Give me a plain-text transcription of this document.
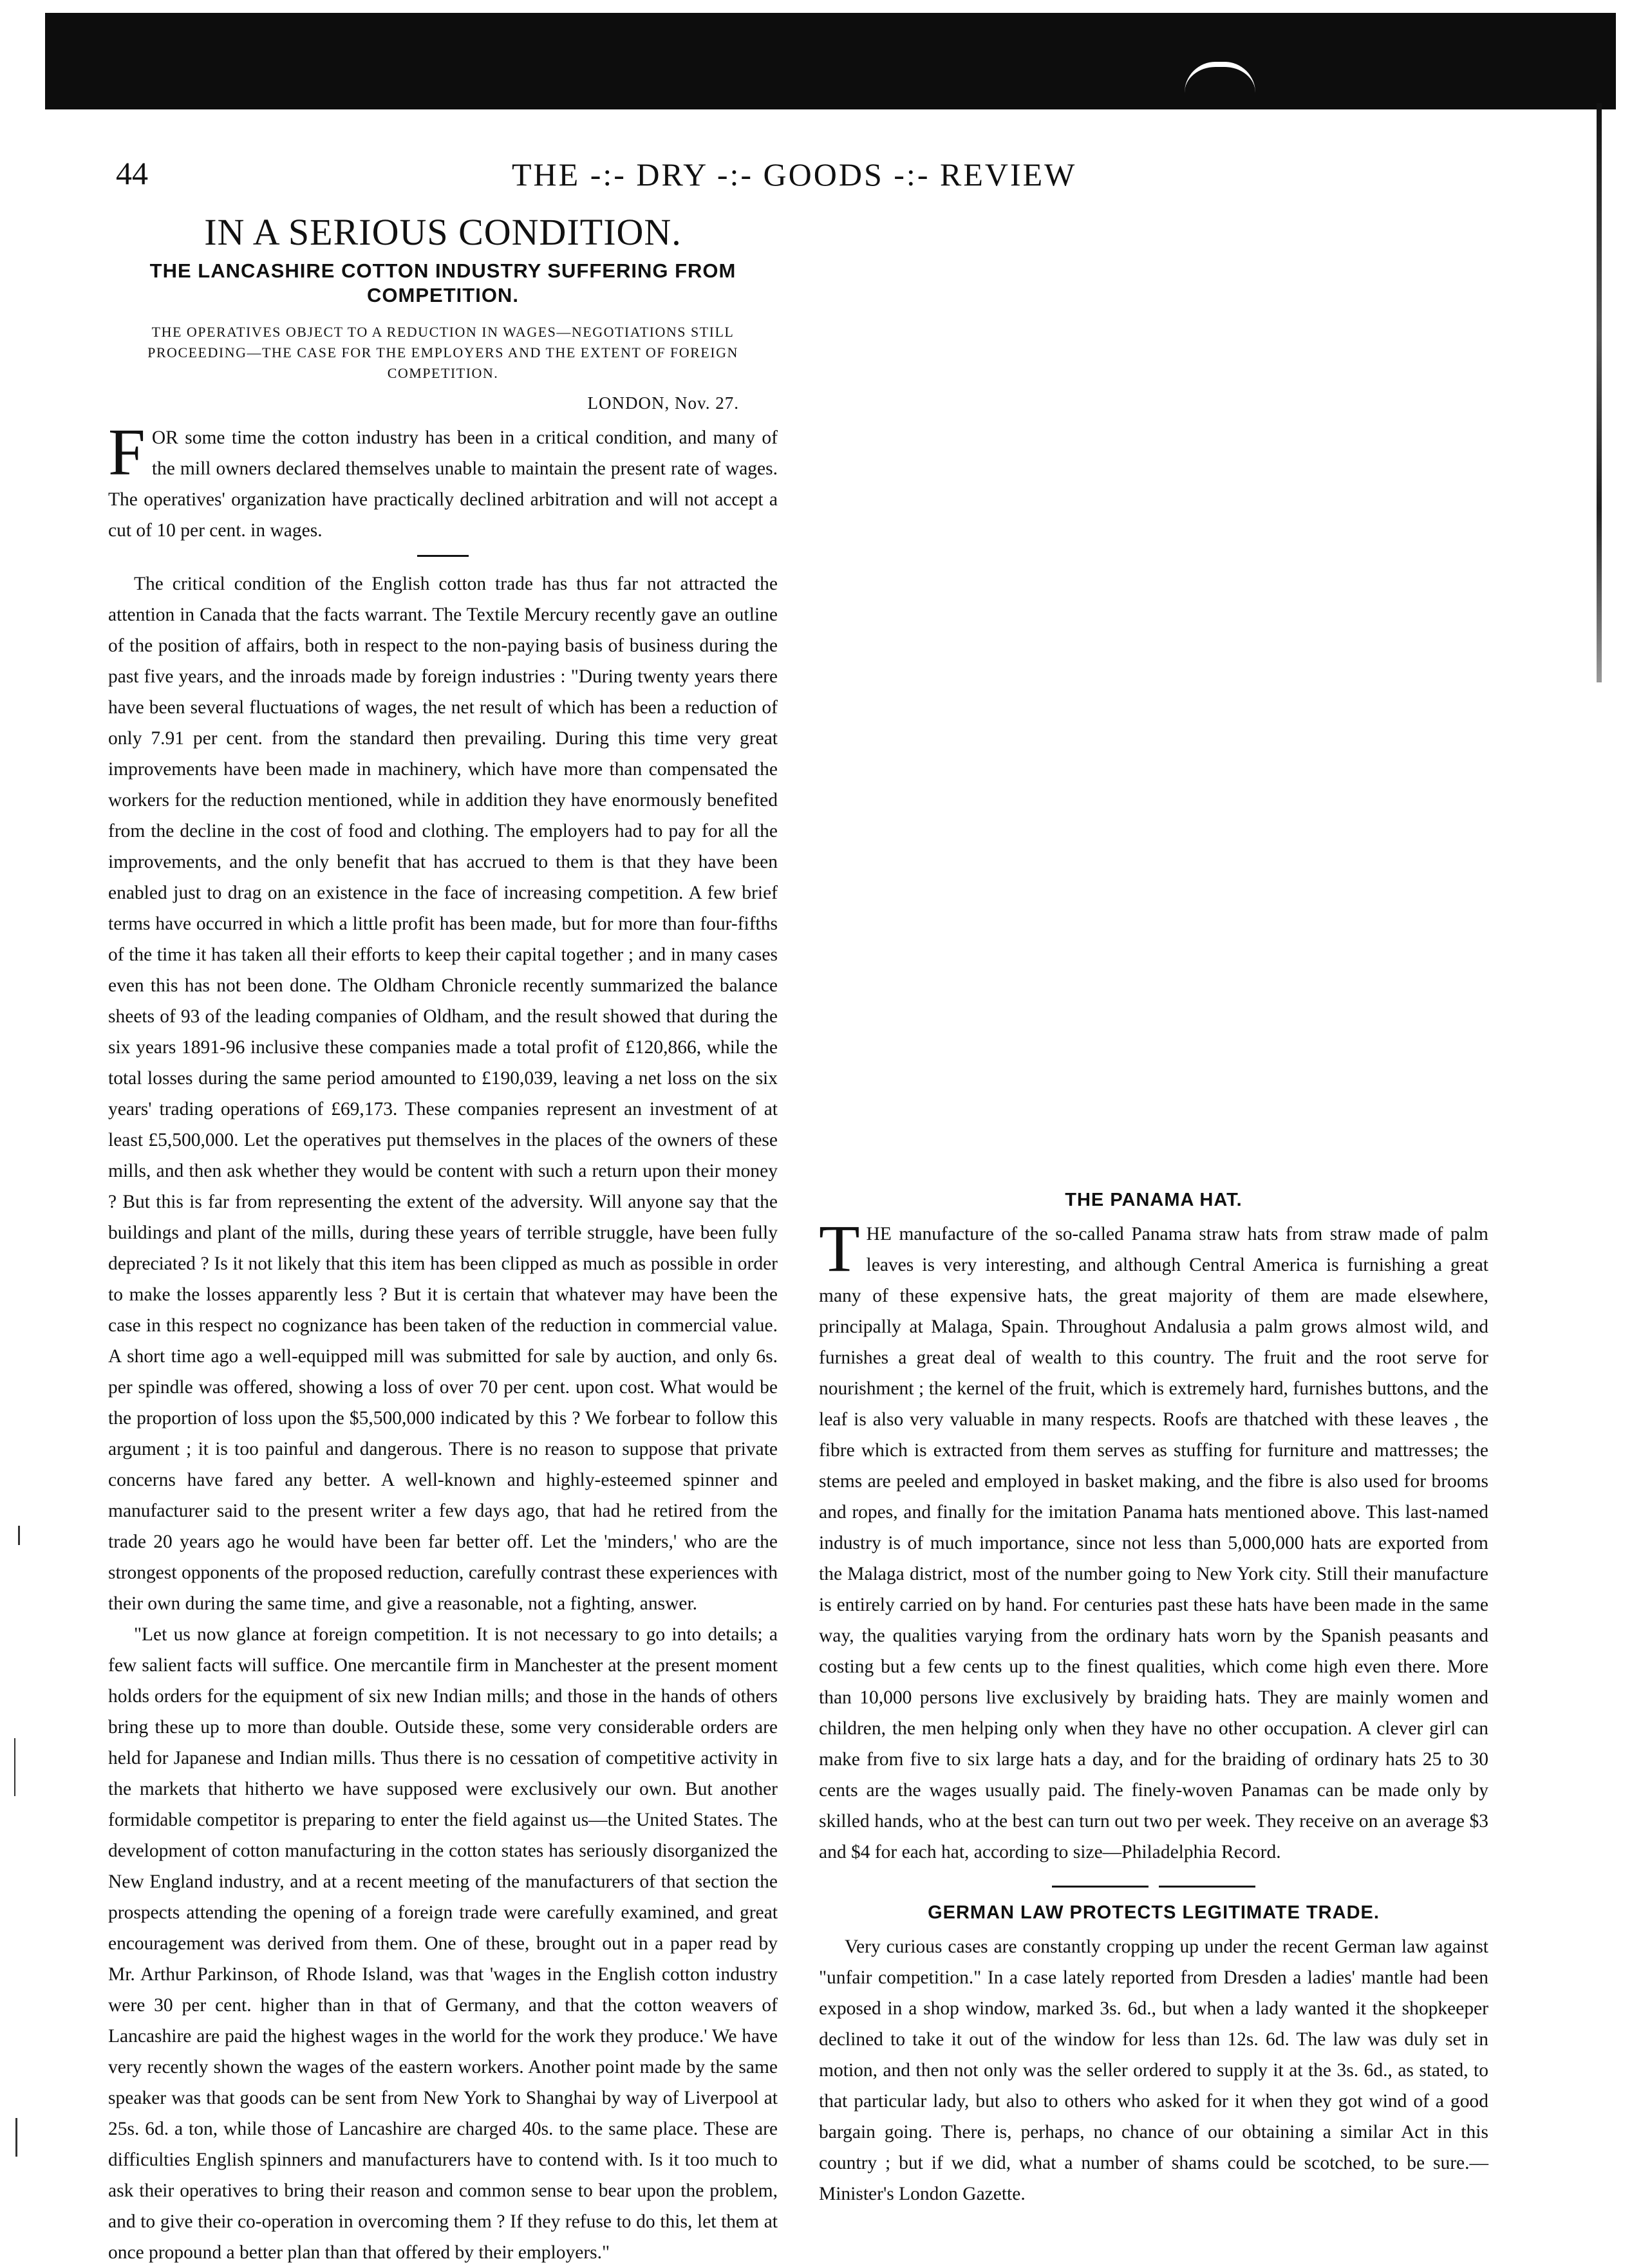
44	THE -:- DRY -:- GOODS -:- REVIEW
IN A SERIOUS CONDITION.
THE LANCASHIRE COTTON INDUSTRY SUFFERING FROM COMPETITION.
THE OPERATIVES OBJECT TO A REDUCTION IN WAGES—NEGOTIATIONS STILL PROCEEDING—THE CASE FOR THE EMPLOYERS AND THE EXTENT OF FOREIGN COMPETITION.
LONDON, Nov. 27.

FOR some time the cotton industry has been in a critical condition, and many of the mill owners declared themselves unable to maintain the present rate of wages. The operatives' organization have practically declined arbitration and will not accept a cut of 10 per cent. in wages.

The critical condition of the English cotton trade has thus far not attracted the attention in Canada that the facts warrant. The Textile Mercury recently gave an outline of the position of affairs, both in respect to the non-paying basis of business during the past five years, and the inroads made by foreign industries : "During twenty years there have been several fluctuations of wages, the net result of which has been a reduction of only 7.91 per cent. from the standard then prevailing. During this time very great improvements have been made in machinery, which have more than compensated the workers for the reduction mentioned, while in addition they have enormously benefited from the decline in the cost of food and clothing. The employers had to pay for all the improvements, and the only benefit that has accrued to them is that they have been enabled just to drag on an existence in the face of increasing competition. A few brief terms have occurred in which a little profit has been made, but for more than four-fifths of the time it has taken all their efforts to keep their capital together ; and in many cases even this has not been done. The Oldham Chronicle recently summarized the balance sheets of 93 of the leading companies of Oldham, and the result showed that during the six years 1891-96 inclusive these companies made a total profit of £120,866, while the total losses during the same period amounted to £190,039, leaving a net loss on the six years' trading operations of £69,173. These companies represent an investment of at least £5,500,000. Let the operatives put themselves in the places of the owners of these mills, and then ask whether they would be content with such a return upon their money ? But this is far from representing the extent of the adversity. Will anyone say that the buildings and plant of the mills, during these years of terrible struggle, have been fully depreciated ? Is it not likely that this item has been clipped as much as possible in order to make the losses apparently less ? But it is certain that whatever may have been the case in this respect no cognizance has been taken of the reduction in commercial value. A short time ago a well-equipped mill was submitted for sale by auction, and only 6s. per spindle was offered, showing a loss of over 70 per cent. upon cost. What would be the proportion of loss upon the $5,500,000 indicated by this ? We forbear to follow this argument ; it is too painful and dangerous. There is no reason to suppose that private concerns have fared any better. A well-known and highly-esteemed spinner and manufacturer said to the present writer a few days ago, that had he retired from the trade 20 years ago he would have been far better off. Let the 'minders,' who are the strongest opponents of the proposed reduction, carefully contrast these experiences with their own during the same time, and give a reasonable, not a fighting, answer.

"Let us now glance at foreign competition. It is not necessary to go into details; a few salient facts will suffice. One mercantile firm in Manchester at the present moment holds orders for the equipment of six new Indian mills; and those in the hands of others bring these up to more than double. Outside these, some very considerable orders are held for Japanese and Indian mills. Thus there is no cessation of competitive activity in the markets that hitherto we have supposed were exclusively our own. But another formidable competitor is preparing to enter the field against us—the United States. The development of cotton manufacturing in the cotton states has seriously disorganized the New England industry, and at a recent meeting of the manufacturers of that section the prospects attending the opening of a foreign trade were carefully examined, and great encouragement was derived from them. One of these, brought out in a paper read by Mr. Arthur Parkinson, of Rhode Island, was that 'wages in the English cotton industry were 30 per cent. higher than in that of Germany, and that the cotton weavers of Lancashire are paid the highest wages in the world for the work they produce.' We have very recently shown the wages of the eastern workers. Another point made by the same speaker was that goods can be sent from New York to Shanghai by way of Liverpool at 25s. 6d. a ton, while those of Lancashire are charged 40s. to the same place. These are difficulties English spinners and manufacturers have to contend with. Is it too much to ask their operatives to bring their reason and common sense to bear upon the problem, and to give their co-operation in overcoming them ? If they refuse to do this, let them at once propound a better plan than that offered by their employers."

THE PANAMA HAT.

THE manufacture of the so-called Panama straw hats from straw made of palm leaves is very interesting, and although Central America is furnishing a great many of these expensive hats, the great majority of them are made elsewhere, principally at Malaga, Spain. Throughout Andalusia a palm grows almost wild, and furnishes a great deal of wealth to this country. The fruit and the root serve for nourishment ; the kernel of the fruit, which is extremely hard, furnishes buttons, and the leaf is also very valuable in many respects. Roofs are thatched with these leaves , the fibre which is extracted from them serves as stuffing for furniture and mattresses; the stems are peeled and employed in basket making, and the fibre is also used for brooms and ropes, and finally for the imitation Panama hats mentioned above. This last-named industry is of much importance, since not less than 5,000,000 hats are exported from the Malaga district, most of the number going to New York city. Still their manufacture is entirely carried on by hand. For centuries past these hats have been made in the same way, the qualities varying from the ordinary hats worn by the Spanish peasants and costing but a few cents up to the finest qualities, which come high even there. More than 10,000 persons live exclusively by braiding hats. They are mainly women and children, the men helping only when they have no other occupation. A clever girl can make from five to six large hats a day, and for the braiding of ordinary hats 25 to 30 cents are the wages usually paid. The finely-woven Panamas can be made only by skilled hands, who at the best can turn out two per week. They receive on an average $3 and $4 for each hat, according to size—Philadelphia Record.

GERMAN LAW PROTECTS LEGITIMATE TRADE.

Very curious cases are constantly cropping up under the recent German law against "unfair competition." In a case lately reported from Dresden a ladies' mantle had been exposed in a shop window, marked 3s. 6d., but when a lady wanted it the shopkeeper declined to take it out of the window for less than 12s. 6d. The law was duly set in motion, and then not only was the seller ordered to supply it at the 3s. 6d., as stated, to that particular lady, but also to others who asked for it when they got wind of a good bargain going. There is, perhaps, no chance of our obtaining a similar Act in this country ; but if we did, what a number of shams could be scotched, to be sure.—Minister's London Gazette.
